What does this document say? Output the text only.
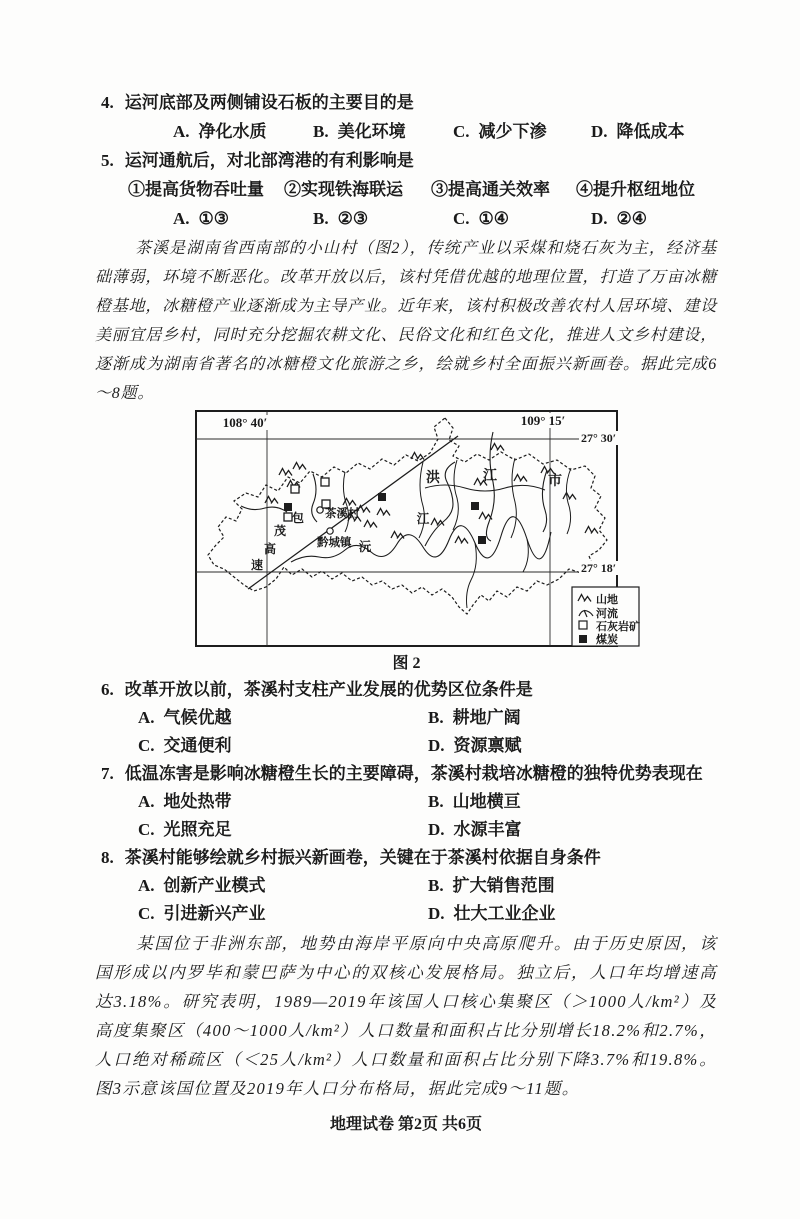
4. 运河底部及两侧铺设石板的主要目的是
A. 净化水质	B. 美化环境	C. 减少下渗	D. 降低成本
5. 运河通航后，对北部湾港的有利影响是
①提高货物吞吐量	②实现铁海联运	③提高通关效率	④提升枢纽地位
A. ①③	B. ②③	C. ①④	D. ②④

茶溪是湖南省西南部的小山村（图2），传统产业以采煤和烧石灰为主，经济基础薄弱，环境不断恶化。改革开放以后，该村凭借优越的地理位置，打造了万亩冰糖橙基地，冰糖橙产业逐渐成为主导产业。近年来，该村积极改善农村人居环境、建设美丽宜居乡村，同时充分挖掘农耕文化、民俗文化和红色文化，推进人文乡村建设，逐渐成为湖南省著名的冰糖橙文化旅游之乡，绘就乡村全面振兴新画卷。据此完成6～8题。

108° 40′	109° 15′
27° 30′
27° 18′
洪	江	市
沅
江
包
茂
高
速
茶溪村
黔城镇
山地
河流
石灰岩矿
煤炭
图 2
6. 改革开放以前，茶溪村支柱产业发展的优势区位条件是
A. 气候优越	B. 耕地广阔
C. 交通便利	D. 资源禀赋
7. 低温冻害是影响冰糖橙生长的主要障碍，茶溪村栽培冰糖橙的独特优势表现在
A. 地处热带	B. 山地横亘
C. 光照充足	D. 水源丰富
8. 茶溪村能够绘就乡村振兴新画卷，关键在于茶溪村依据自身条件
A. 创新产业模式	B. 扩大销售范围
C. 引进新兴产业	D. 壮大工业企业

某国位于非洲东部，地势由海岸平原向中央高原爬升。由于历史原因，该国形成以内罗毕和蒙巴萨为中心的双核心发展格局。独立后，人口年均增速高达3.18%。研究表明，1989—2019年该国人口核心集聚区（＞1000人/km²）及高度集聚区（400～1000人/km²）人口数量和面积占比分别增长18.2%和2.7%，人口绝对稀疏区（＜25人/km²）人口数量和面积占比分别下降3.7%和19.8%。图3示意该国位置及2019年人口分布格局，据此完成9～11题。

地理试卷 第2页 共6页
